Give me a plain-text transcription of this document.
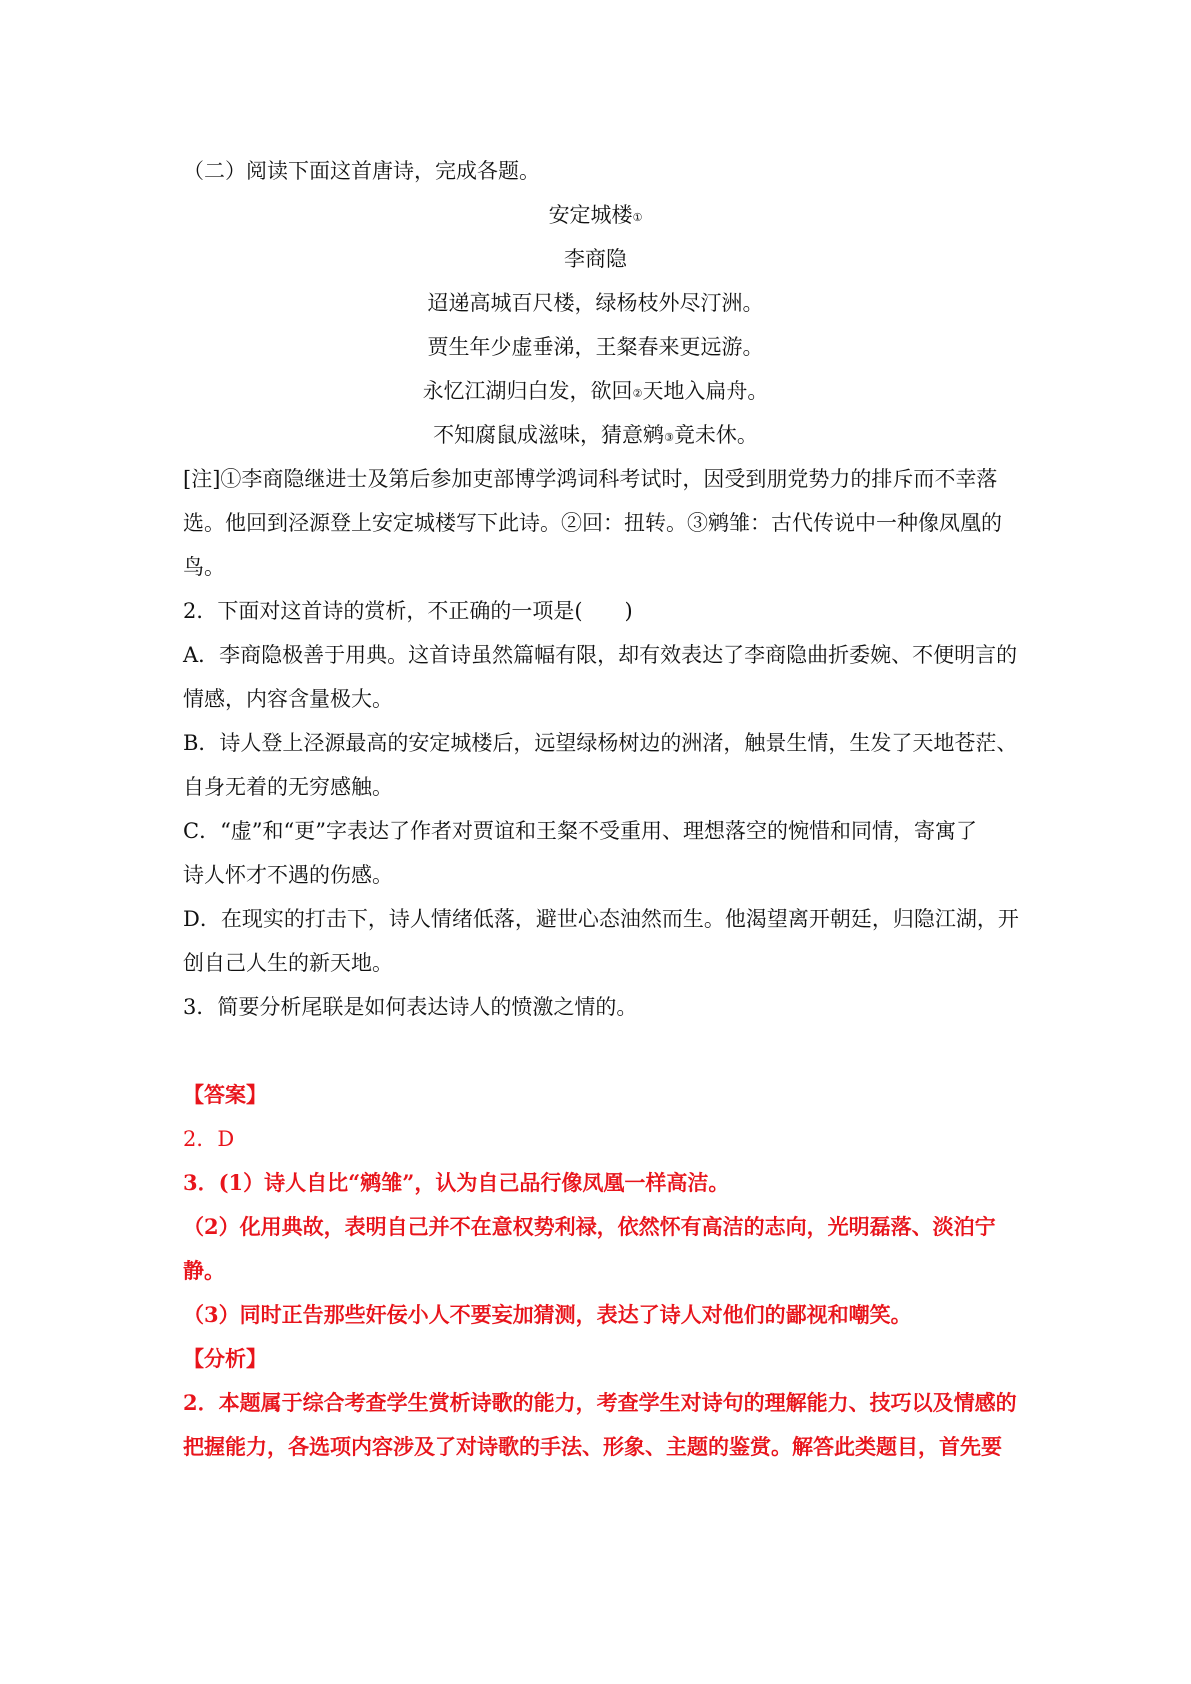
（二）阅读下面这首唐诗，完成各题。
安定城楼①
李商隐
迢递高城百尺楼，绿杨枝外尽汀洲。
贾生年少虚垂涕，王粲春来更远游。
永忆江湖归白发，欲回②天地入扁舟。
不知腐鼠成滋味，猜意鹓③竟未休。
[注]①李商隐继进士及第后参加吏部博学鸿词科考试时，因受到朋党势力的排斥而不幸落
选。他回到泾源登上安定城楼写下此诗。②回：扭转。③鹓雏：古代传说中一种像凤凰的
鸟。
2．下面对这首诗的赏析，不正确的一项是(　　)
A．李商隐极善于用典。这首诗虽然篇幅有限，却有效表达了李商隐曲折委婉、不便明言的
情感，内容含量极大。
B．诗人登上泾源最高的安定城楼后，远望绿杨树边的洲渚，触景生情，生发了天地苍茫、
自身无着的无穷感触。
C．“虚”和“更”字表达了作者对贾谊和王粲不受重用、理想落空的惋惜和同情，寄寓了
诗人怀才不遇的伤感。
D．在现实的打击下，诗人情绪低落，避世心态油然而生。他渴望离开朝廷，归隐江湖，开
创自己人生的新天地。
3．简要分析尾联是如何表达诗人的愤激之情的。
【答案】
2．D
3．(1）诗人自比“鹓雏”，认为自己品行像凤凰一样高洁。
（2）化用典故，表明自己并不在意权势利禄，依然怀有高洁的志向，光明磊落、淡泊宁
静。
（3）同时正告那些奸佞小人不要妄加猜测，表达了诗人对他们的鄙视和嘲笑。
【分析】
2．本题属于综合考查学生赏析诗歌的能力，考查学生对诗句的理解能力、技巧以及情感的
把握能力，各选项内容涉及了对诗歌的手法、形象、主题的鉴赏。解答此类题目，首先要
